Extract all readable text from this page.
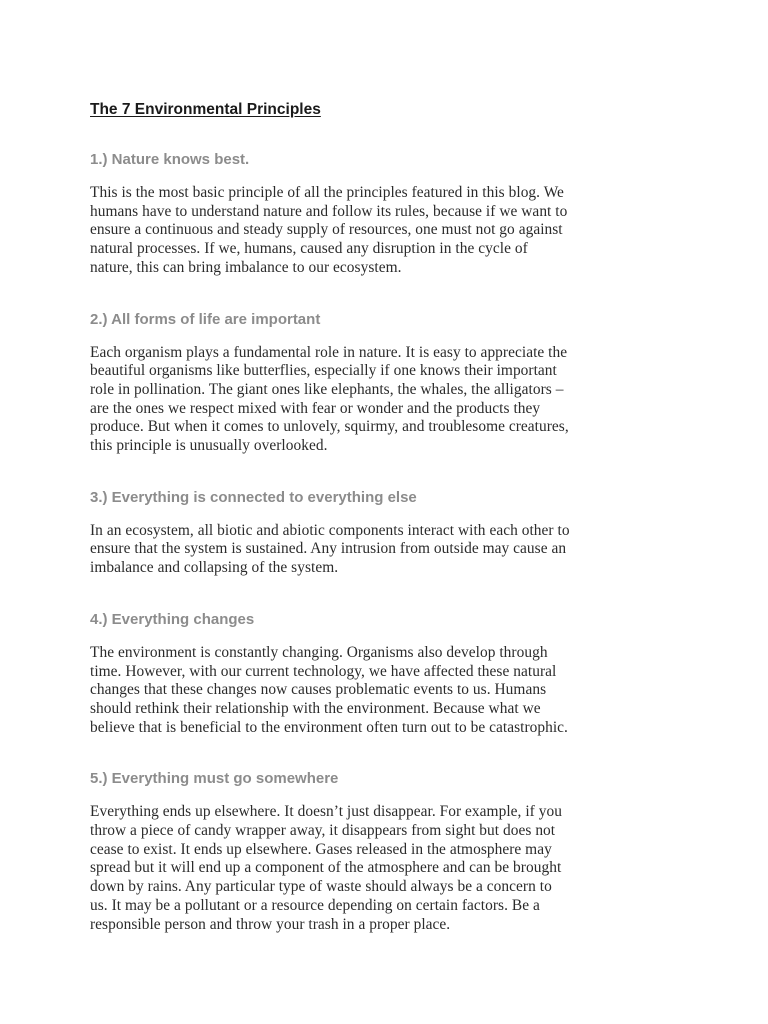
The 7 Environmental Principles
1.) Nature knows best.

This is the most basic principle of all the principles featured in this blog. We
humans have to understand nature and follow its rules, because if we want to
ensure a continuous and steady supply of resources, one must not go against
natural processes. If we, humans, caused any disruption in the cycle of
nature, this can bring imbalance to our ecosystem.

2.) All forms of life are important

Each organism plays a fundamental role in nature. It is easy to appreciate the
beautiful organisms like butterflies, especially if one knows their important
role in pollination. The giant ones like elephants, the whales, the alligators –
are the ones we respect mixed with fear or wonder and the products they
produce. But when it comes to unlovely, squirmy, and troublesome creatures,
this principle is unusually overlooked.

3.) Everything is connected to everything else

In an ecosystem, all biotic and abiotic components interact with each other to
ensure that the system is sustained. Any intrusion from outside may cause an
imbalance and collapsing of the system.

4.) Everything changes

The environment is constantly changing. Organisms also develop through
time. However, with our current technology, we have affected these natural
changes that these changes now causes problematic events to us. Humans
should rethink their relationship with the environment. Because what we
believe that is beneficial to the environment often turn out to be catastrophic.

5.) Everything must go somewhere

Everything ends up elsewhere. It doesn’t just disappear. For example, if you
throw a piece of candy wrapper away, it disappears from sight but does not
cease to exist. It ends up elsewhere. Gases released in the atmosphere may
spread but it will end up a component of the atmosphere and can be brought
down by rains. Any particular type of waste should always be a concern to
us. It may be a pollutant or a resource depending on certain factors. Be a
responsible person and throw your trash in a proper place.
